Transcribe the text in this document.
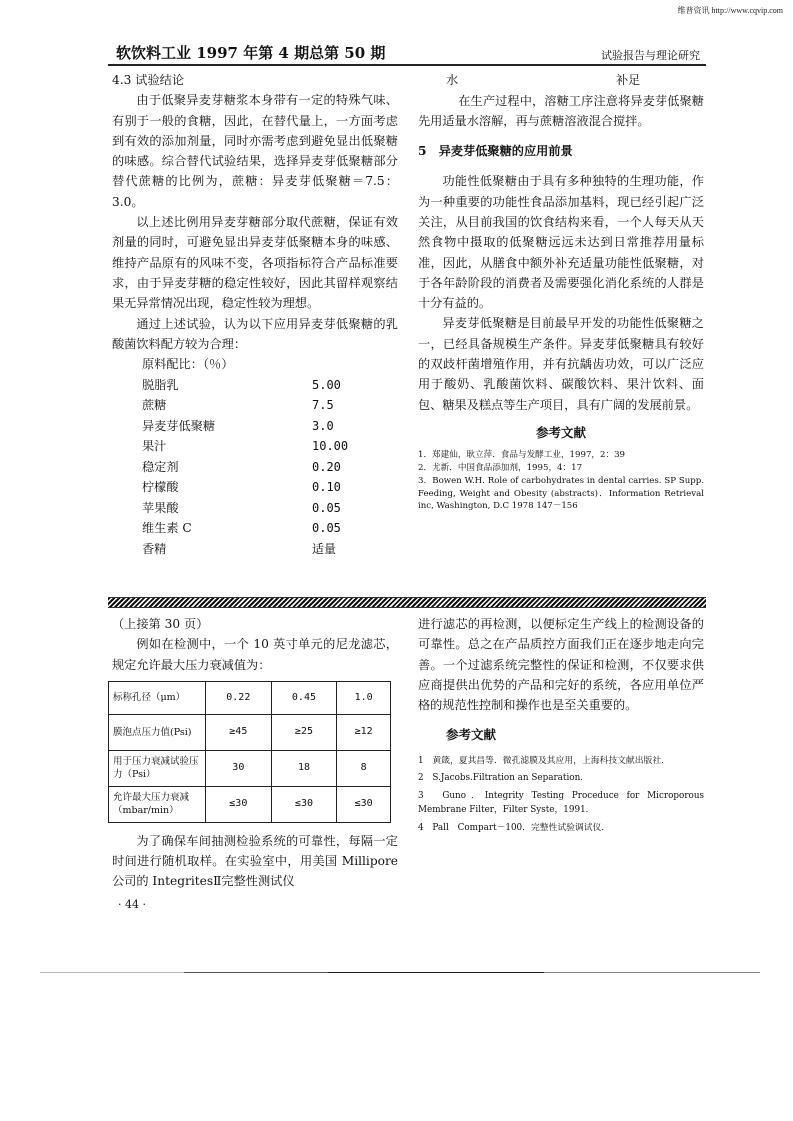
维普资讯 http://www.cqvip.com
软饮料工业 1997 年第 4 期总第 50 期	试验报告与理论研究

4.3 试验结论

由于低聚异麦芽糖浆本身带有一定的特殊气味、有别于一般的食糖，因此，在替代量上，一方面考虑到有效的添加剂量，同时亦需考虑到避免显出低聚糖的味感。综合替代试验结果，选择异麦芽低聚糖部分替代蔗糖的比例为，蔗糖：异麦芽低聚糖＝7.5：3.0。

以上述比例用异麦芽糖部分取代蔗糖，保证有效剂量的同时，可避免显出异麦芽低聚糖本身的味感、维持产品原有的风味不变，各项指标符合产品标准要求，由于异麦芽糖的稳定性较好，因此其留样观察结果无异常情况出现，稳定性较为理想。

通过上述试验，认为以下应用异麦芽低聚糖的乳酸菌饮料配方较为合理：

原料配比：（％）
脱脂乳	5.00
蔗糖	7.5
异麦芽低聚糖	3.0
果汁	10.00
稳定剂	0.20
柠檬酸	0.10
苹果酸	0.05
维生素 C	0.05
香精	适量
水	补足

在生产过程中，溶糖工序注意将异麦芽低聚糖先用适量水溶解，再与蔗糖溶液混合搅拌。

5　异麦芽低聚糖的应用前景

功能性低聚糖由于具有多种独特的生理功能，作为一种重要的功能性食品添加基料，现已经引起广泛关注，从目前我国的饮食结构来看，一个人每天从天然食物中摄取的低聚糖远远未达到日常推荐用量标准，因此，从膳食中额外补充适量功能性低聚糖，对于各年龄阶段的消费者及需要强化消化系统的人群是十分有益的。

异麦芽低聚糖是目前最早开发的功能性低聚糖之一，已经具备规模生产条件。异麦芽低聚糖具有较好的双歧杆菌增殖作用，并有抗龋齿功效，可以广泛应用于酸奶、乳酸菌饮料、碳酸饮料、果汁饮料、面包、糖果及糕点等生产项目，具有广阔的发展前景。

参考文献

1．郑建仙，耿立萍．食品与发酵工业，1997，2：39

2．尤新．中国食品添加剂，1995，4：17

3．Bowen W.H. Role of carbohydrates in dental carries. SP Supp. Feeding, Weight and Obesity (abstracts)．Information Retrieval inc, Washington, D.C 1978 147－156

（上接第 30 页）

例如在检测中，一个 10 英寸单元的尼龙滤芯，规定允许最大压力衰减值为：

标称孔径（μm）	0.22	0.45	1.0
膜泡点压力值(Psi)	≥45	≥25	≥12
用于压力衰减试验压力（Psi）	30	18	8
允许最大压力衰减（mbar/min）	≤30	≤30	≤30

为了确保车间抽测检验系统的可靠性，每隔一定时间进行随机取样。在实验室中，用美国 Millipore 公司的 IntegritesⅡ完整性测试仪

· 44 ·

进行滤芯的再检测，以便标定生产线上的检测设备的可靠性。总之在产品质控方面我们正在逐步地走向完善。一个过滤系统完整性的保证和检测，不仅要求供应商提供出优势的产品和完好的系统，各应用单位严格的规范性控制和操作也是至关重要的。

参考文献

1　黄箴，夏其昌等．微孔滤膜及其应用，上海科技文献出版社．

2　S.Jacobs.Filtration an Separation．

3　Guno．Integrity Testing Proceduce for Microporous Membrane Filter，Filter Syste，1991．

4　Pall　Compart－100．完整性试验调试仪．
